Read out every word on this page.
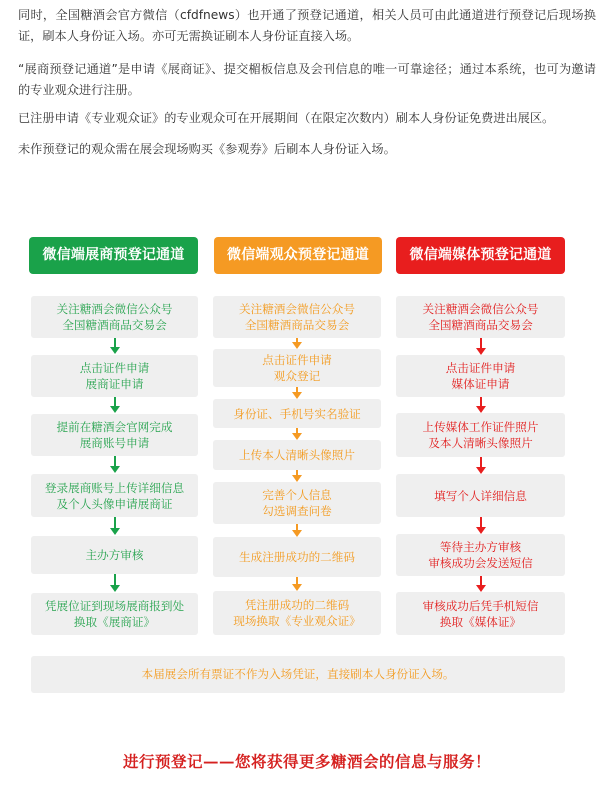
同时，全国糖酒会官方微信（cfdfnews）也开通了预登记通道，相关人员可由此通道进行预登记后现场换证，刷本人身份证入场。亦可无需换证刷本人身份证直接入场。

“展商预登记通道”是申请《展商证》、提交楣板信息及会刊信息的唯一可靠途径；通过本系统，也可为邀请的专业观众进行注册。

已注册申请《专业观众证》的专业观众可在开展期间（在限定次数内）刷本人身份证免费进出展区。

未作预登记的观众需在展会现场购买《参观券》后刷本人身份证入场。

微信端展商预登记通道	微信端观众预登记通道	微信端媒体预登记通道
关注糖酒会微信公众号
全国糖酒商品交易会
点击证件申请
展商证申请
提前在糖酒会官网完成
展商账号申请
登录展商账号上传详细信息
及个人头像申请展商证
主办方审核
凭展位证到现场展商报到处
换取《展商证》
关注糖酒会微信公众号
全国糖酒商品交易会
点击证件申请
观众登记
身份证、手机号实名验证
上传本人清晰头像照片
完善个人信息
勾选调查问卷
生成注册成功的二维码
凭注册成功的二维码
现场换取《专业观众证》
关注糖酒会微信公众号
全国糖酒商品交易会
点击证件申请
媒体证申请
上传媒体工作证件照片
及本人清晰头像照片
填写个人详细信息
等待主办方审核
审核成功会发送短信
审核成功后凭手机短信
换取《媒体证》
本届展会所有票证不作为入场凭证，直接刷本人身份证入场。
进行预登记——您将获得更多糖酒会的信息与服务！
